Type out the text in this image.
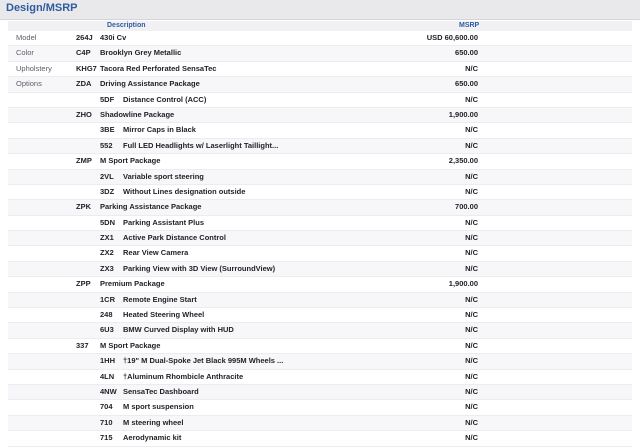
Design/MSRP
Description	MSRP
Model	264J 430i Cv	USD 60,600.00
Color	C4P Brooklyn Grey Metallic	650.00
Upholstery	KHG7 Tacora Red Perforated SensaTec	N/C
Options	ZDA Driving Assistance Package	650.00
5DF Distance Control (ACC)	N/C
ZHO Shadowline Package	1,900.00
3BE Mirror Caps in Black	N/C
552 Full LED Headlights w/ Laserlight Taillight...	N/C
ZMP M Sport Package	2,350.00
2VL Variable sport steering	N/C
3DZ Without Lines designation outside	N/C
ZPK Parking Assistance Package	700.00
5DN Parking Assistant Plus	N/C
ZX1 Active Park Distance Control	N/C
ZX2 Rear View Camera	N/C
ZX3 Parking View with 3D View (SurroundView)	N/C
ZPP Premium Package	1,900.00
1CR Remote Engine Start	N/C
248 Heated Steering Wheel	N/C
6U3 BMW Curved Display with HUD	N/C
337 M Sport Package	N/C
1HH †19" M Dual-Spoke Jet Black 995M Wheels ...	N/C
4LN †Aluminum Rhombicle Anthracite	N/C
4NW SensaTec Dashboard	N/C
704 M sport suspension	N/C
710 M steering wheel	N/C
715 Aerodynamic kit	N/C
